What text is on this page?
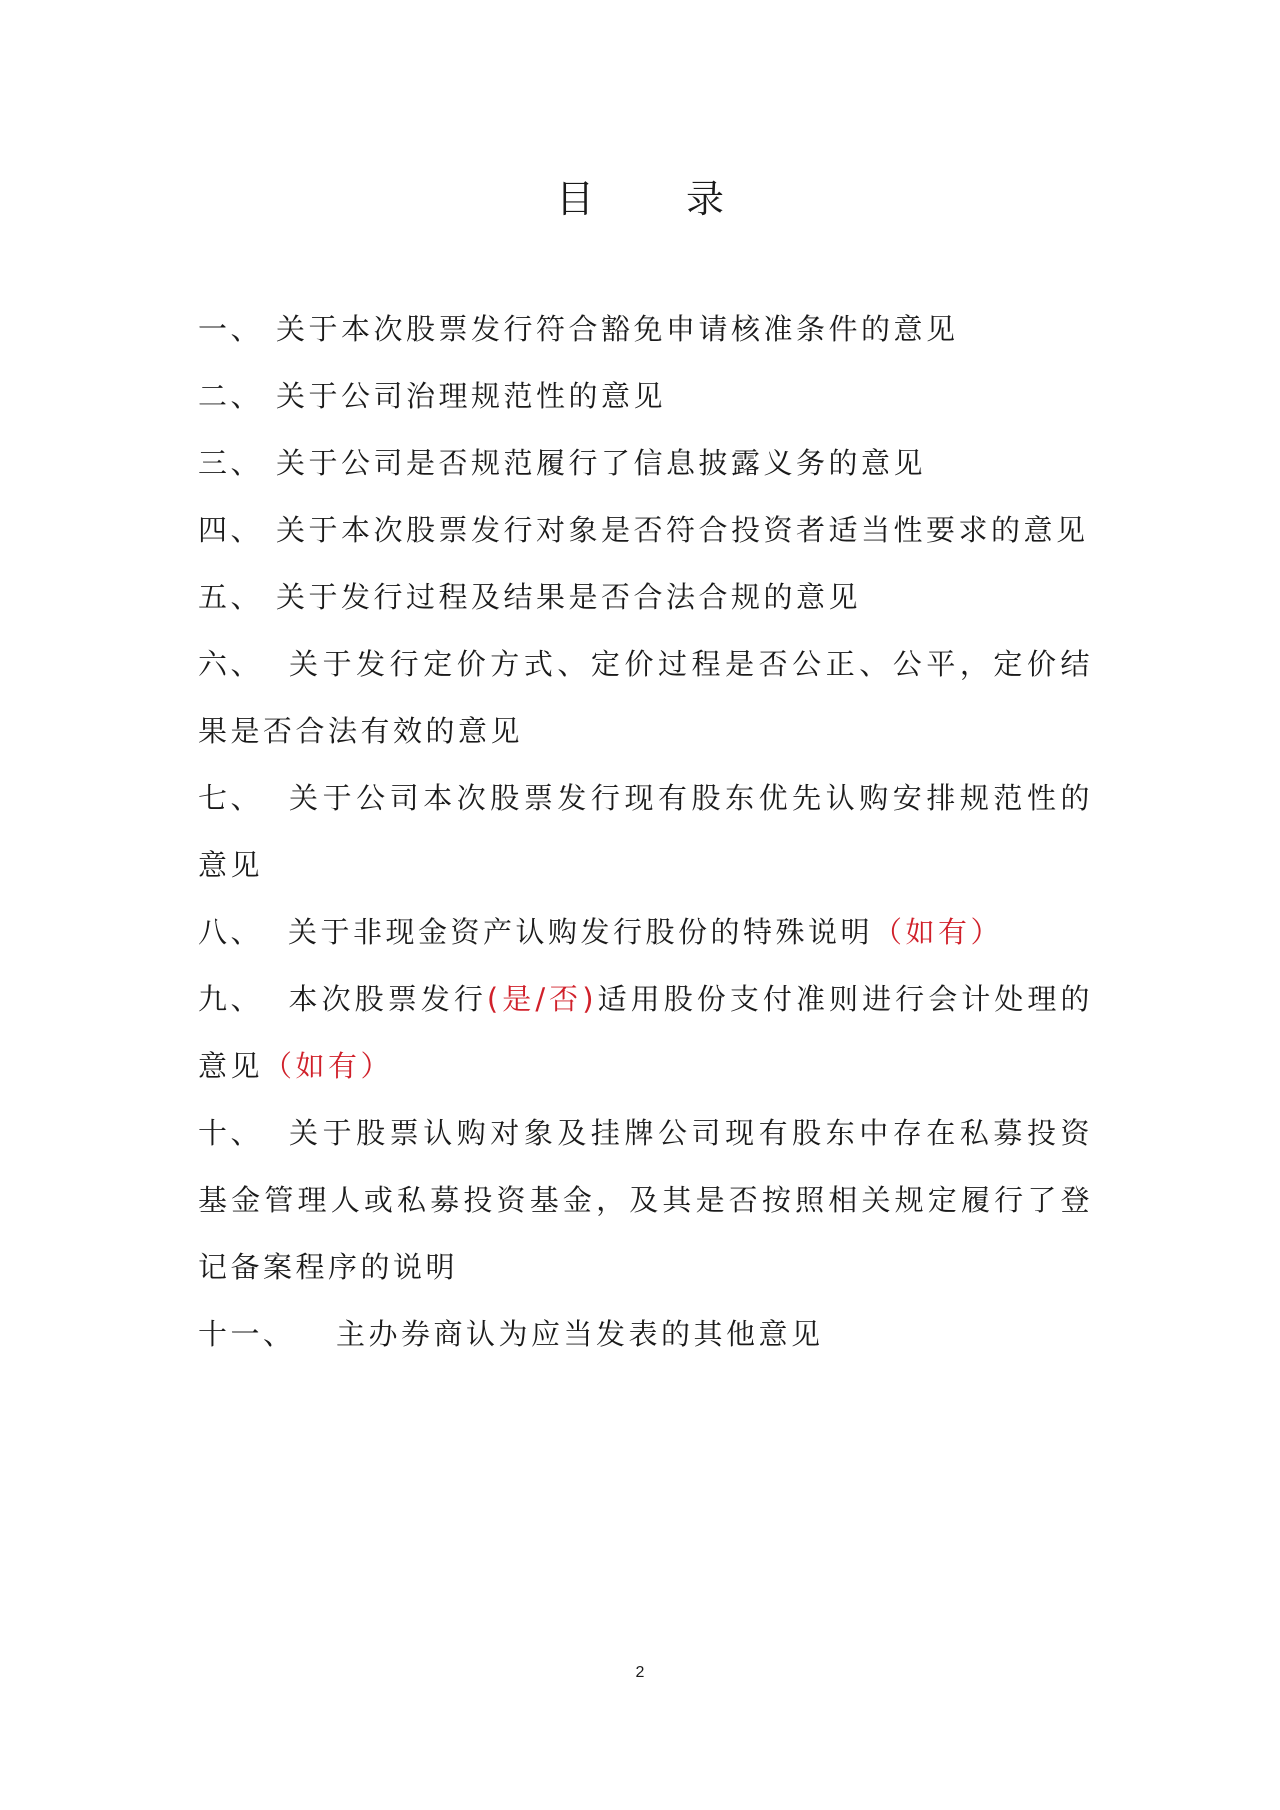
目 录
一、 关于本次股票发行符合豁免申请核准条件的意见
二、 关于公司治理规范性的意见
三、 关于公司是否规范履行了信息披露义务的意见
四、 关于本次股票发行对象是否符合投资者适当性要求的意见
五、 关于发行过程及结果是否合法合规的意见
六、 关于发行定价方式、定价过程是否公正、公平，定价结果是否合法有效的意见
七、 关于公司本次股票发行现有股东优先认购安排规范性的意见
八、 关于非现金资产认购发行股份的特殊说明（如有）
九、 本次股票发行(是/否)适用股份支付准则进行会计处理的意见（如有）
十、 关于股票认购对象及挂牌公司现有股东中存在私募投资基金管理人或私募投资基金，及其是否按照相关规定履行了登记备案程序的说明
十一、	主办券商认为应当发表的其他意见
2
